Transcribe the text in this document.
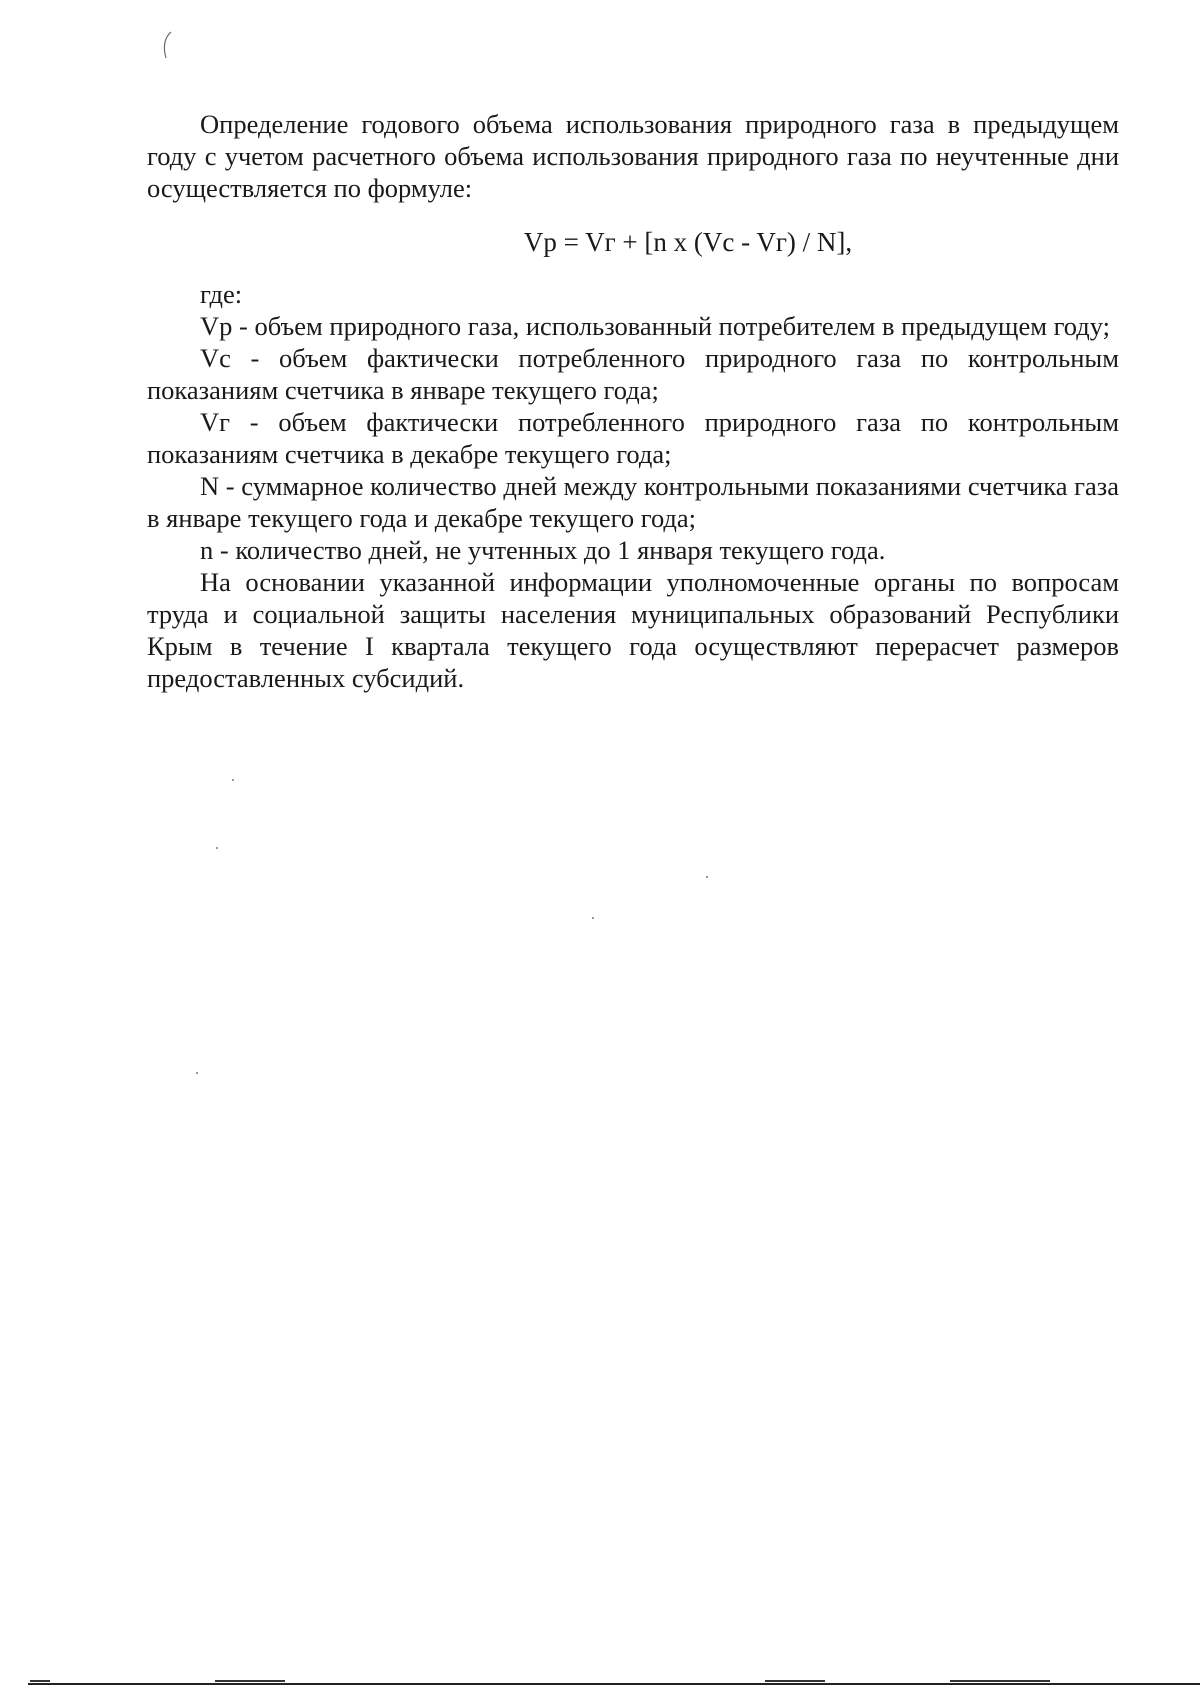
Определение годового объема использования природного газа в предыдущем году с учетом расчетного объема использования природного газа по неучтенные дни осуществляется по формуле:

Vp = Vг + [n x (Vc - Vг) / N],

где:

Vp - объем природного газа, использованный потребителем в предыдущем году;

Vc - объем фактически потребленного природного газа по контрольным показаниям счетчика в январе текущего года;

Vг - объем фактически потребленного природного газа по контрольным показаниям счетчика в декабре текущего года;

N - суммарное количество дней между контрольными показаниями счетчика газа в январе текущего года и декабре текущего года;

n - количество дней, не учтенных до 1 января текущего года.

На основании указанной информации уполномоченные органы по вопросам труда и социальной защиты населения муниципальных образований Республики Крым в течение I квартала текущего года осуществляют перерасчет размеров предоставленных субсидий.
